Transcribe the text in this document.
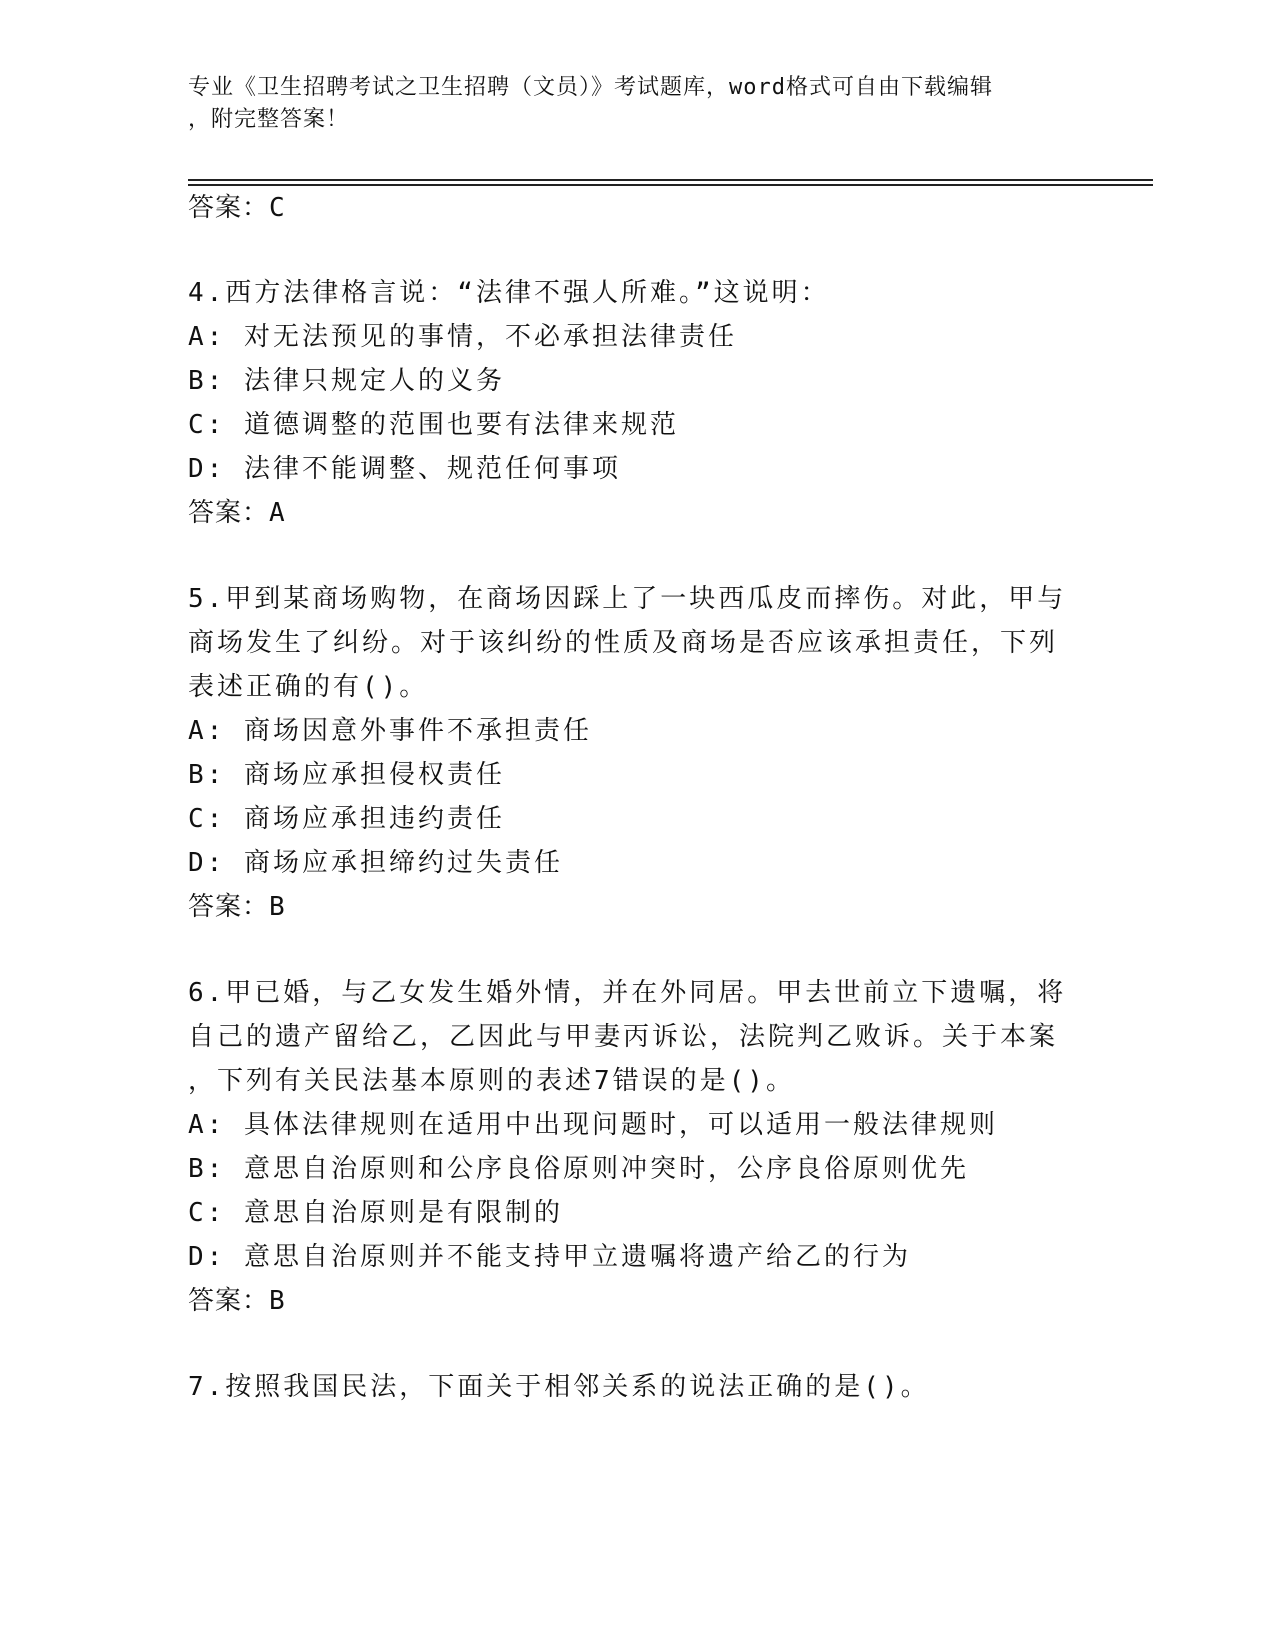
专业《卫生招聘考试之卫生招聘（文员）》考试题库，word格式可自由下载编辑
，附完整答案！
答案：C
4.西方法律格言说：“法律不强人所难。”这说明：
A: 对无法预见的事情，不必承担法律责任
B: 法律只规定人的义务
C: 道德调整的范围也要有法律来规范
D: 法律不能调整、规范任何事项
答案：A
5.甲到某商场购物，在商场因踩上了一块西瓜皮而摔伤。对此，甲与
商场发生了纠纷。对于该纠纷的性质及商场是否应该承担责任，下列
表述正确的有()。
A: 商场因意外事件不承担责任
B: 商场应承担侵权责任
C: 商场应承担违约责任
D: 商场应承担缔约过失责任
答案：B
6.甲已婚，与乙女发生婚外情，并在外同居。甲去世前立下遗嘱，将
自己的遗产留给乙，乙因此与甲妻丙诉讼，法院判乙败诉。关于本案
，下列有关民法基本原则的表述7错误的是()。
A: 具体法律规则在适用中出现问题时，可以适用一般法律规则
B: 意思自治原则和公序良俗原则冲突时，公序良俗原则优先
C: 意思自治原则是有限制的
D: 意思自治原则并不能支持甲立遗嘱将遗产给乙的行为
答案：B
7.按照我国民法，下面关于相邻关系的说法正确的是()。
